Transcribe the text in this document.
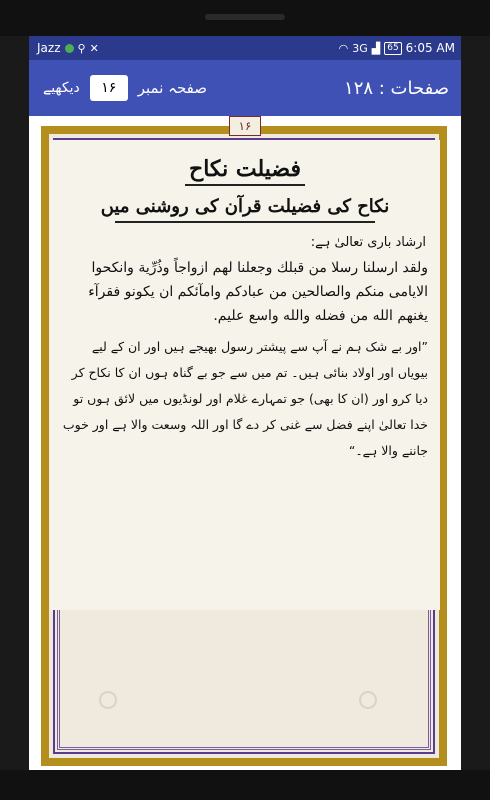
Jazz ⚲ ✕	◠ 3G ▟ 65 6:05 AM
صفحات : ۱۲۸
صفحہ نمبر
۱۶
دیکھیے
۱۶
فضیلت نکاح
نکاح کی فضیلت قرآن کی روشنی میں
ارشاد باری تعالیٰ ہے:
ولقد ارسلنا رسلا من قبلك وجعلنا لهم ازواجاً وذُرِّية وانكحوا الايامى منكم والصالحين من عبادكم وامآئكم ان يكونو فقرآء يغنهم الله من فضله والله واسع عليم.
”اور بے شک ہم نے آپ سے پیشتر رسول بھیجے ہیں اور ان کے لیے بیویاں اور اولاد بنائی ہیں۔ تم میں سے جو بے گناہ ہوں ان کا نکاح کر دیا کرو اور (ان کا بھی) جو تمہارے غلام اور لونڈیوں میں لائق ہوں تو خدا تعالیٰ اپنے فضل سے غنی کر دے گا اور اللہ وسعت والا ہے اور خوب جاننے والا ہے۔“
